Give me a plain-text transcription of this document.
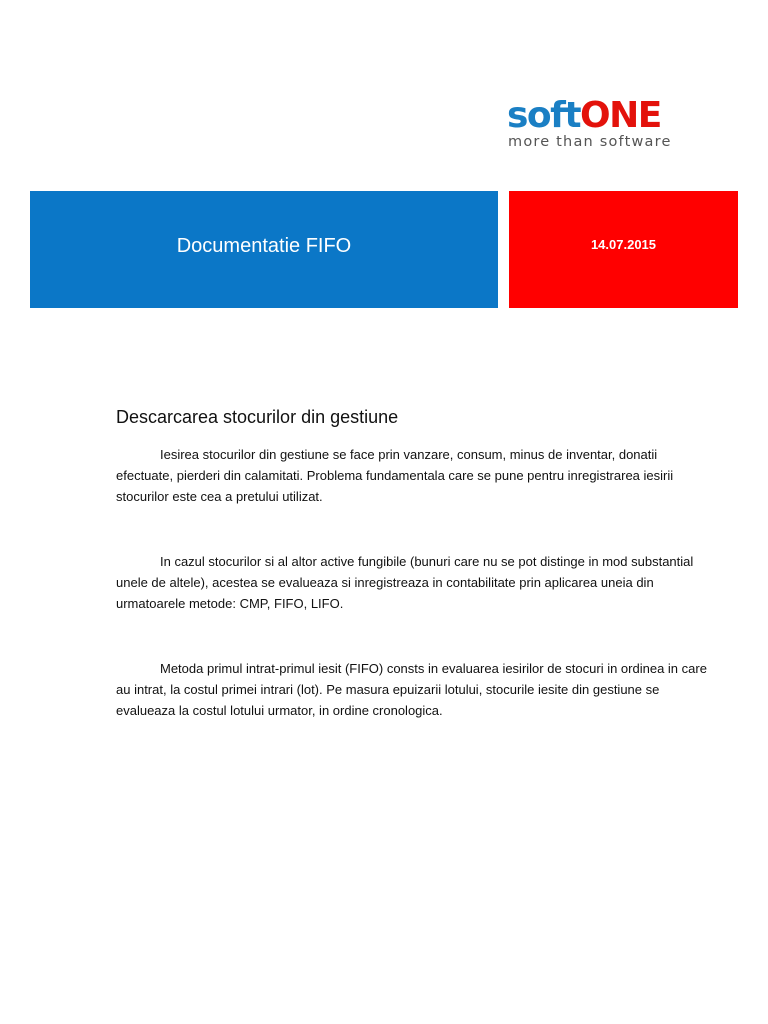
softONE
more than software
Documentatie FIFO	14.07.2015
Descarcarea stocurilor din gestiune

Iesirea stocurilor din gestiune se face prin vanzare, consum, minus de inventar, donatii efectuate, pierderi din calamitati. Problema fundamentala care se pune pentru inregistrarea iesirii stocurilor este cea a pretului utilizat.

In cazul stocurilor si al altor active fungibile (bunuri care nu se pot distinge in mod substantial unele de altele), acestea se evalueaza si inregistreaza in contabilitate prin aplicarea uneia din urmatoarele metode: CMP, FIFO, LIFO.

Metoda primul intrat-primul iesit (FIFO) consts in evaluarea iesirilor de stocuri in ordinea in care au intrat, la costul primei intrari (lot). Pe masura epuizarii lotului, stocurile iesite din gestiune se evalueaza la costul lotului urmator, in ordine cronologica.
